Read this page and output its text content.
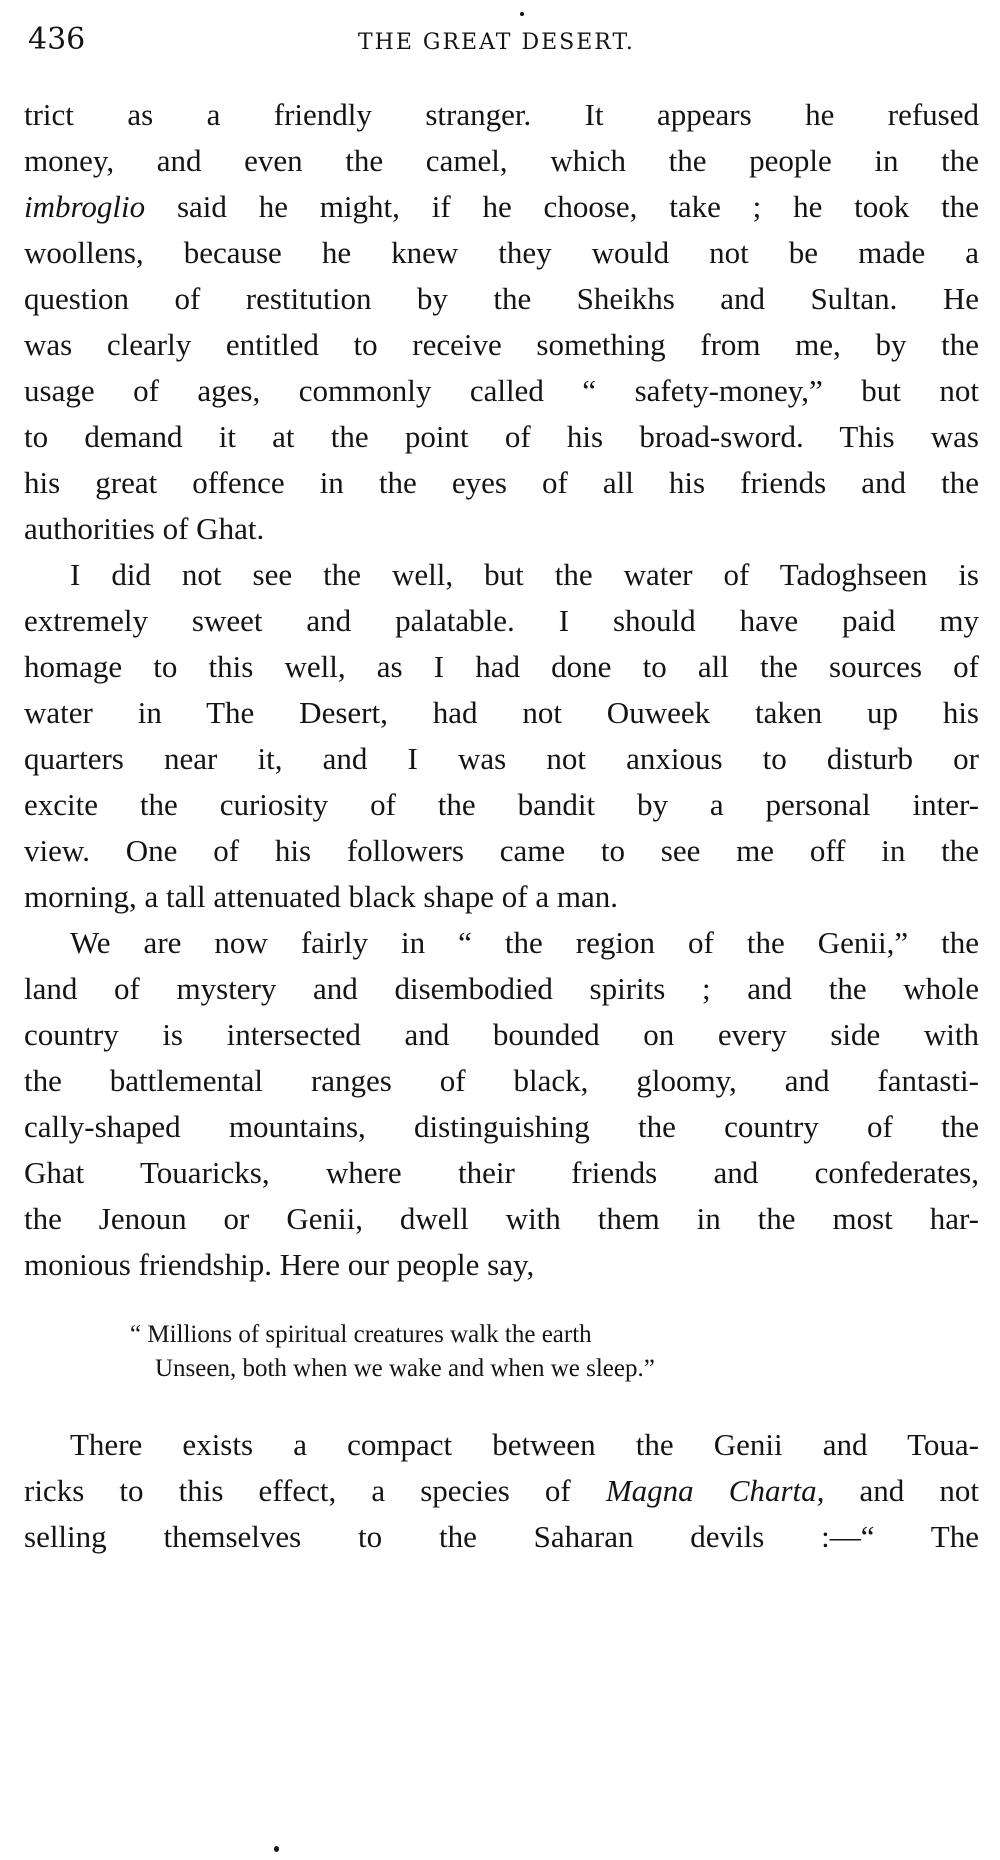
436	THE GREAT DESERT.
trict as a friendly stranger. It appears he refused
money, and even the camel, which the people in the
imbroglio said he might, if he choose, take ; he took the
woollens, because he knew they would not be made a
question of restitution by the Sheikhs and Sultan. He
was clearly entitled to receive something from me, by the
usage of ages, commonly called “ safety-money,” but not
to demand it at the point of his broad-sword. This was
his great offence in the eyes of all his friends and the
authorities of Ghat.
I did not see the well, but the water of Tadoghseen is
extremely sweet and palatable. I should have paid my
homage to this well, as I had done to all the sources of
water in The Desert, had not Ouweek taken up his
quarters near it, and I was not anxious to disturb or
excite the curiosity of the bandit by a personal inter-
view. One of his followers came to see me off in the
morning, a tall attenuated black shape of a man.
We are now fairly in “ the region of the Genii,” the
land of mystery and disembodied spirits ; and the whole
country is intersected and bounded on every side with
the battlemental ranges of black, gloomy, and fantasti-
cally-shaped mountains, distinguishing the country of the
Ghat Touaricks, where their friends and confederates,
the Jenoun or Genii, dwell with them in the most har-
monious friendship. Here our people say,
“ Millions of spiritual creatures walk the earth
Unseen, both when we wake and when we sleep.”
There exists a compact between the Genii and Toua-
ricks to this effect, a species of Magna Charta, and not
selling themselves to the Saharan devils :—“ The
